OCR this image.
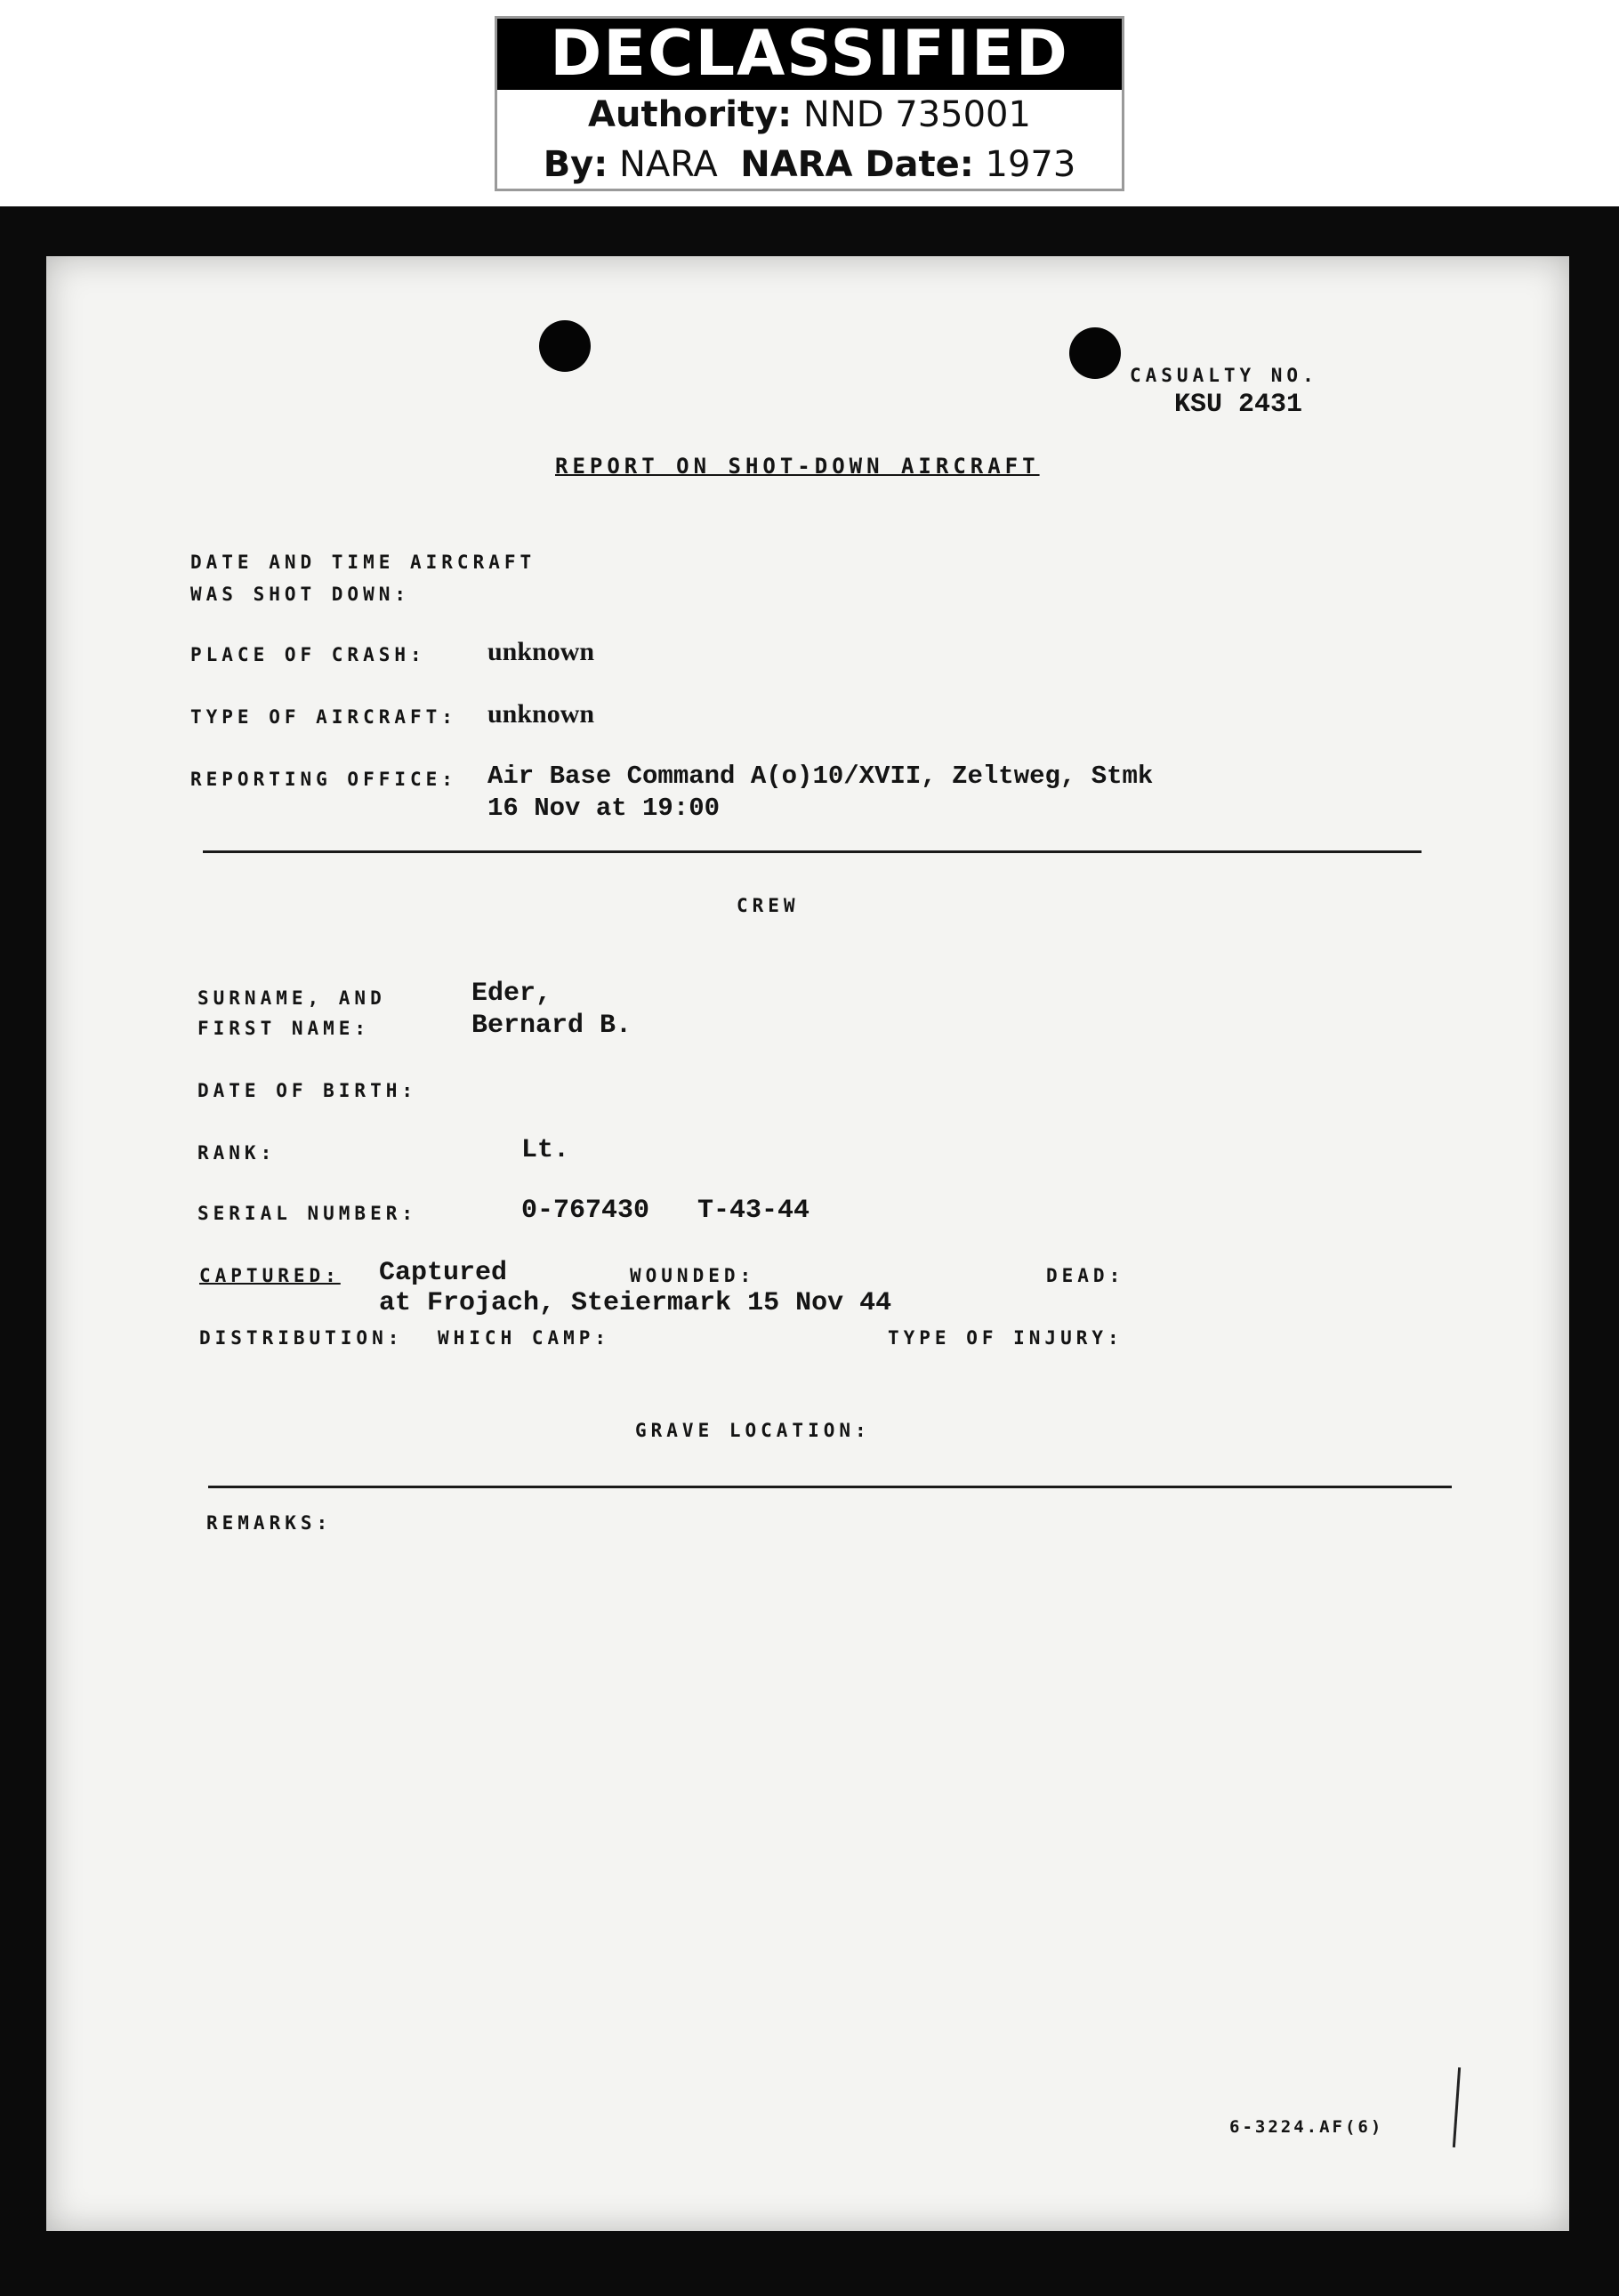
DECLASSIFIED
Authority: NND 735001
By: NARA NARA Date: 1973
CASUALTY NO.
KSU 2431
REPORT ON SHOT-DOWN AIRCRAFT
DATE AND TIME AIRCRAFT
WAS SHOT DOWN:
PLACE OF CRASH: unknown
TYPE OF AIRCRAFT: unknown
REPORTING OFFICE: Air Base Command A(o)10/XVII, Zeltweg, Stmk
16 Nov at 19:00
CREW
SURNAME, AND
FIRST NAME:
Eder,
Bernard B.
DATE OF BIRTH:
RANK:	Lt.
SERIAL NUMBER:	0-767430 T-43-44
CAPTURED: Captured	WOUNDED:	DEAD:
at Frojach, Steiermark 15 Nov 44
DISTRIBUTION: WHICH CAMP:	TYPE OF INJURY:
GRAVE LOCATION:
REMARKS:
6-3224.AF(6)
